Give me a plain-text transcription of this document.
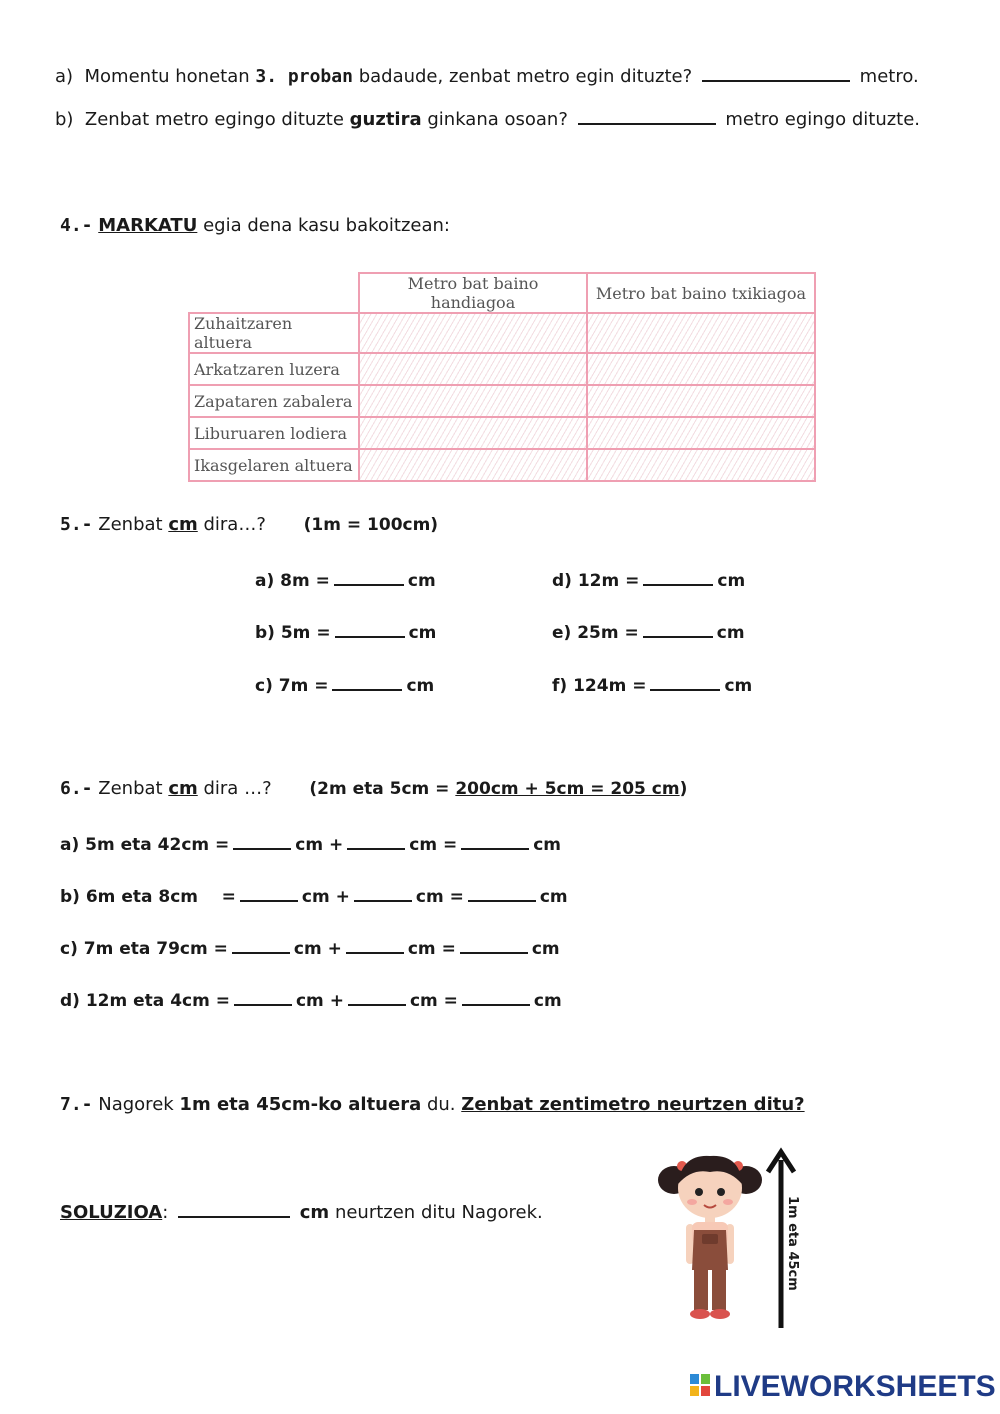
a) Momentu honetan 3. proban badaude, zenbat metro egin dituzte?	metro.
b) Zenbat metro egingo dituzte guztira ginkana osoan?	metro egingo dituzte.
4.- MARKATU egia dena kasu bakoitzean:
	Metro bat baino handiagoa	Metro bat baino txikiagoa
Zuhaitzaren altuera		
Arkatzaren luzera		
Zapataren zabalera		
Liburuaren lodiera		
Ikasgelaren altuera		
5.- Zenbat cm dira…? (1m = 100cm)
a) 8m =	cm	d) 12m =	cm
b) 5m =	cm	e) 25m =	cm
c) 7m =	cm	f) 124m =	cm
6.- Zenbat cm dira …? (2m eta 5cm = 200cm + 5cm = 205 cm)
a) 5m eta 42cm =	cm +	cm =	cm
b) 6m eta 8cm    =	cm +	cm =	cm
c) 7m eta 79cm =	cm +	cm =	cm
d) 12m eta 4cm =	cm +	cm =	cm
7.- Nagorek 1m eta 45cm-ko altuera du. Zenbat zentimetro neurtzen ditu?
SOLUZIOA:	cm neurtzen ditu Nagorek.	1m eta 45cm
LIVEWORKSHEETS
